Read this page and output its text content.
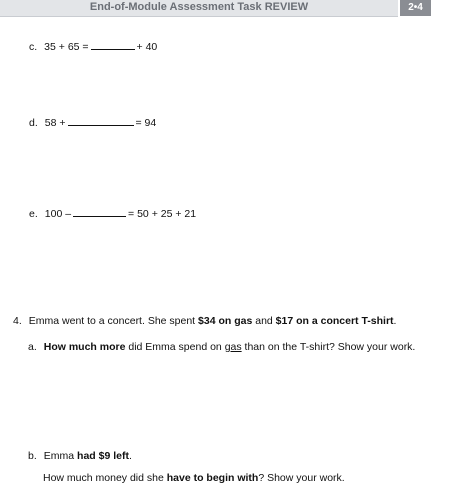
End-of-Module Assessment Task REVIEW	2•4
c. 35 + 65 =	+ 40
d. 58 +	= 94
e. 100 –	= 50 + 25 + 21
4. Emma went to a concert. She spent $34 on gas and $17 on a concert T-shirt.
a. How much more did Emma spend on gas than on the T-shirt? Show your work.
b. Emma had $9 left.
How much money did she have to begin with? Show your work.
